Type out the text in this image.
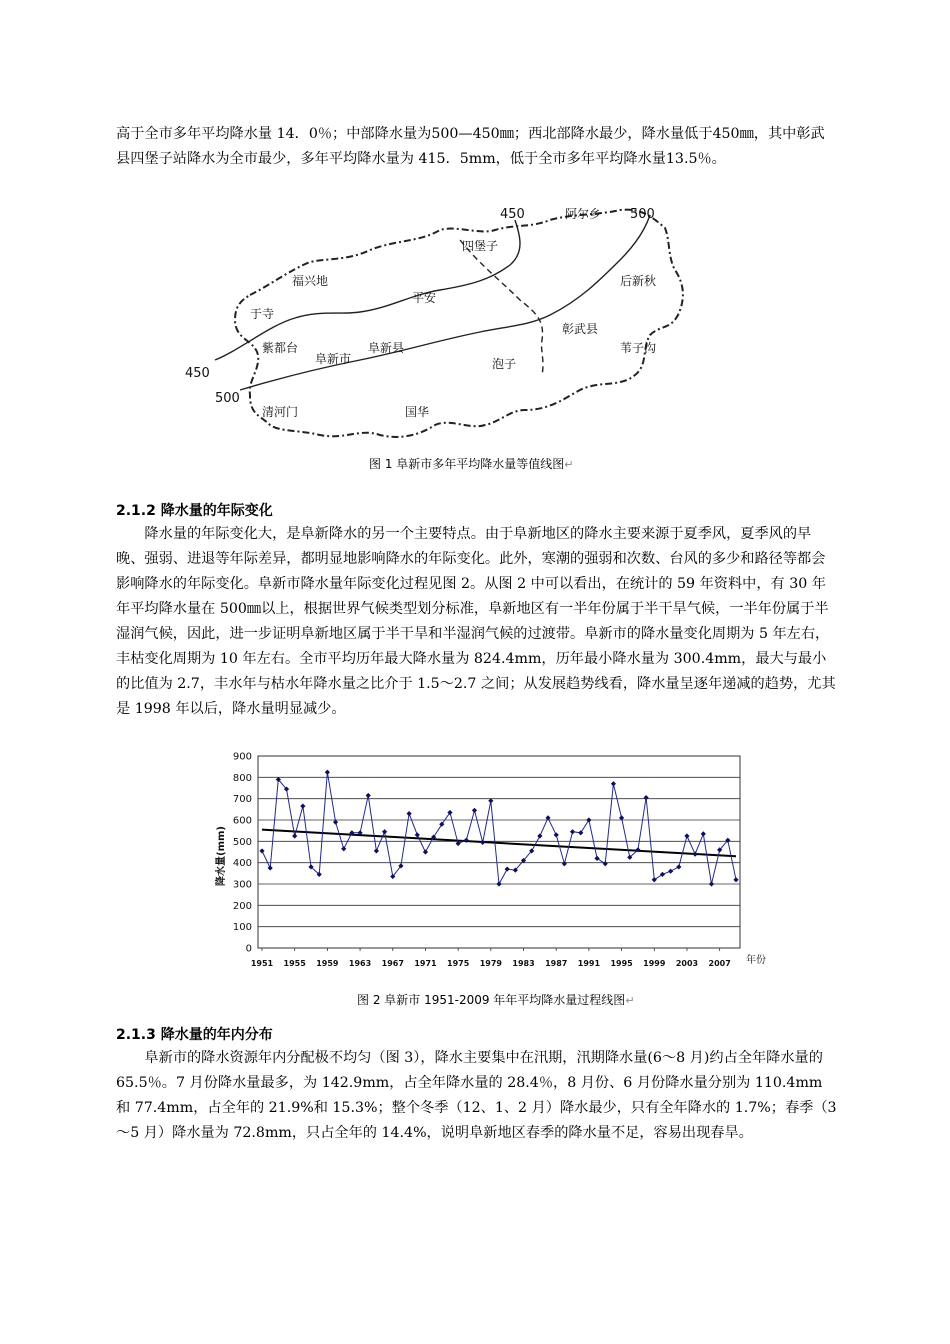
高于全市多年平均降水量 14．0％；中部降水量为500—450㎜；西北部降水最少，降水量低于450㎜，其中彰武县四堡子站降水为全市最少，多年平均降水量为 415．5mm，低于全市多年平均降水量13.5％。

450	阿尔乡 500
四堡子
福兴地	后新秋
平安
于寺
彰武县
紫都台	阜新县	苇子沟
阜新市	泡子
450
500
清河门	国华
图 1 阜新市多年平均降水量等值线图↵
2.1.2 降水量的年际变化

降水量的年际变化大，是阜新降水的另一个主要特点。由于阜新地区的降水主要来源于夏季风，夏季风的早晚、强弱、进退等年际差异，都明显地影响降水的年际变化。此外，寒潮的强弱和次数、台风的多少和路径等都会影响降水的年际变化。阜新市降水量年际变化过程见图 2。从图 2 中可以看出，在统计的 59 年资料中，有 30 年年平均降水量在 500㎜以上，根据世界气候类型划分标准，阜新地区有一半年份属于半干旱气候，一半年份属于半湿润气候，因此，进一步证明阜新地区属于半干旱和半湿润气候的过渡带。阜新市的降水量变化周期为 5 年左右，丰枯变化周期为 10 年左右。全市平均历年最大降水量为 824.4mm，历年最小降水量为 300.4mm，最大与最小的比值为 2.7，丰水年与枯水年降水量之比介于 1.5～2.7 之间；从发展趋势线看，降水量呈逐年递减的趋势，尤其是 1998 年以后，降水量明显减少。

0
100
200
300
400
500
600
700
800
900
1951 1955 1959 1963 1967 1971 1975 1979 1983 1987 1991 1995 1999 2003 2007
降水量(mm)
年份
图 2 阜新市 1951-2009 年年平均降水量过程线图↵
2.1.3 降水量的年内分布

阜新市的降水资源年内分配极不均匀（图 3），降水主要集中在汛期，汛期降水量(6～8 月)约占全年降水量的 65.5％。7 月份降水量最多，为 142.9mm，占全年降水量的 28.4％，8 月份、6 月份降水量分别为 110.4mm 和 77.4mm，占全年的 21.9%和 15.3%；整个冬季（12、1、2 月）降水最少，只有全年降水的 1.7%；春季（3～5 月）降水量为 72.8mm，只占全年的 14.4%，说明阜新地区春季的降水量不足，容易出现春旱。
